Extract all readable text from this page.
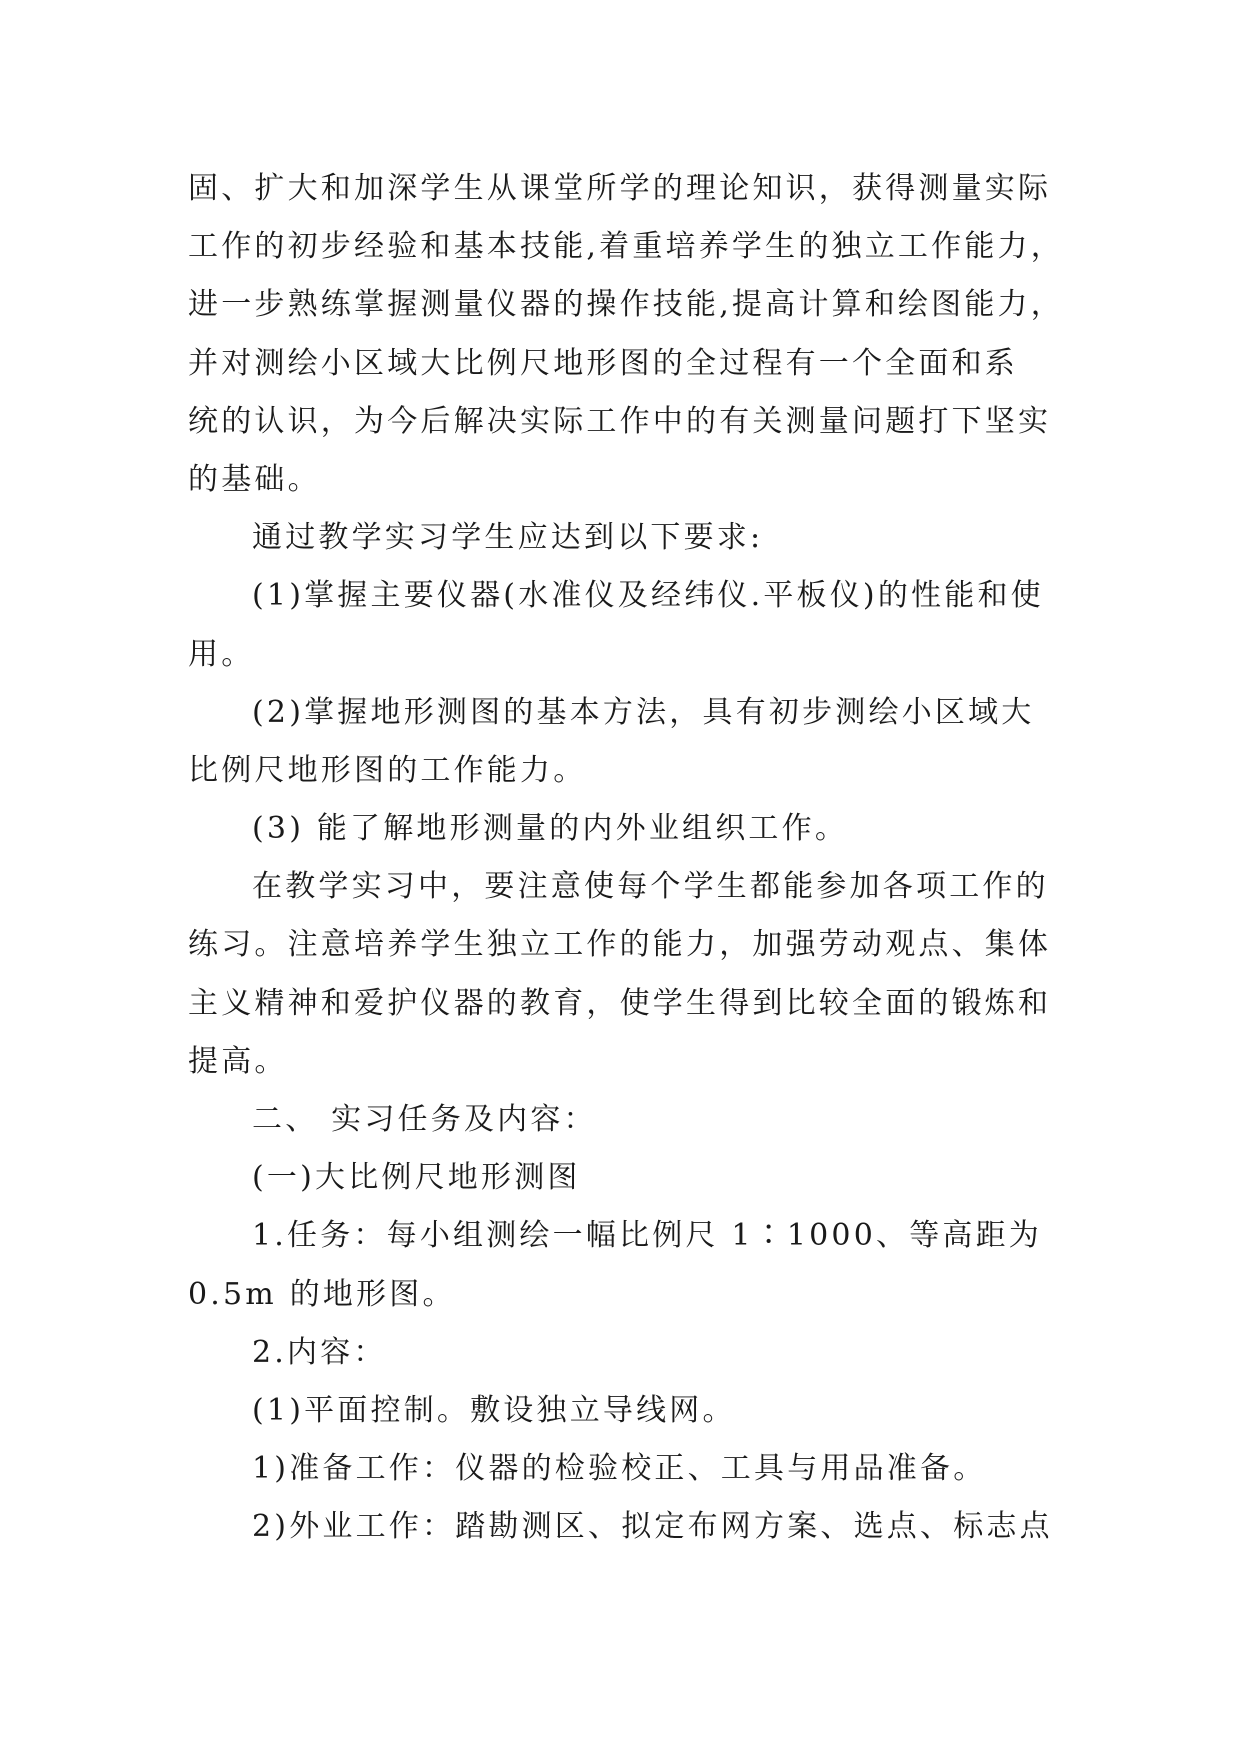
固、扩大和加深学生从课堂所学的理论知识，获得测量实际
工作的初步经验和基本技能,着重培养学生的独立工作能力，
进一步熟练掌握测量仪器的操作技能,提高计算和绘图能力，
并对测绘小区域大比例尺地形图的全过程有一个全面和系
统的认识，为今后解决实际工作中的有关测量问题打下坚实
的基础。
通过教学实习学生应达到以下要求:
(1)掌握主要仪器(水准仪及经纬仪.平板仪)的性能和使
用。
(2)掌握地形测图的基本方法，具有初步测绘小区域大
比例尺地形图的工作能力。
(3) 能了解地形测量的内外业组织工作。
在教学实习中，要注意使每个学生都能参加各项工作的
练习。注意培养学生独立工作的能力，加强劳动观点、集体
主义精神和爱护仪器的教育，使学生得到比较全面的锻炼和
提高。
二、 实习任务及内容：
(一)大比例尺地形测图
1.任务：每小组测绘一幅比例尺 1∶1000、等高距为
0.5m 的地形图。
2.内容：
(1)平面控制。敷设独立导线网。
1)准备工作：仪器的检验校正、工具与用品准备。
2)外业工作：踏勘测区、拟定布网方案、选点、标志点
